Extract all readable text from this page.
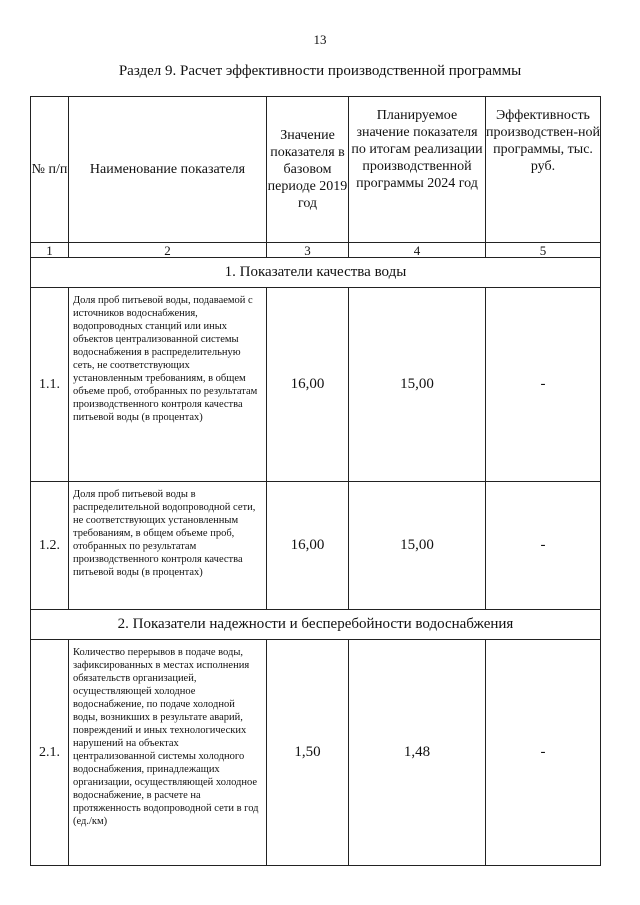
13
Раздел 9. Расчет эффективности производственной программы
№ п/п	Наименование показателя	Значение показателя в базовом периоде 2019 год	Планируемое значение показателя по итогам реализации производственной программы 2024 год	Эффективность производствен-ной программы, тыс. руб.
1	2	3	4	5
1. Показатели качества воды				
1.1.	Доля проб питьевой воды, подаваемой с источников водоснабжения, водопроводных станций или иных объектов централизованной системы водоснабжения в распределительную сеть, не соответствующих установленным требованиям, в общем объеме проб, отобранных по результатам производственного контроля качества питьевой воды (в процентах)	16,00	15,00	-
1.2.	Доля проб питьевой воды в распределительной водопроводной сети, не соответствующих установленным требованиям, в общем объеме проб, отобранных по результатам производственного контроля качества питьевой воды (в процентах)	16,00	15,00	-
2. Показатели надежности и бесперебойности водоснабжения				
2.1.	Количество перерывов в подаче воды, зафиксированных в местах исполнения обязательств организацией, осуществляющей холодное водоснабжение, по подаче холодной воды, возникших в результате аварий, повреждений и иных технологических нарушений на объектах централизованной системы холодного водоснабжения, принадлежащих организации, осуществляющей холодное водоснабжение, в расчете на протяженность водопроводной сети в год (ед./км)	1,50	1,48	-
